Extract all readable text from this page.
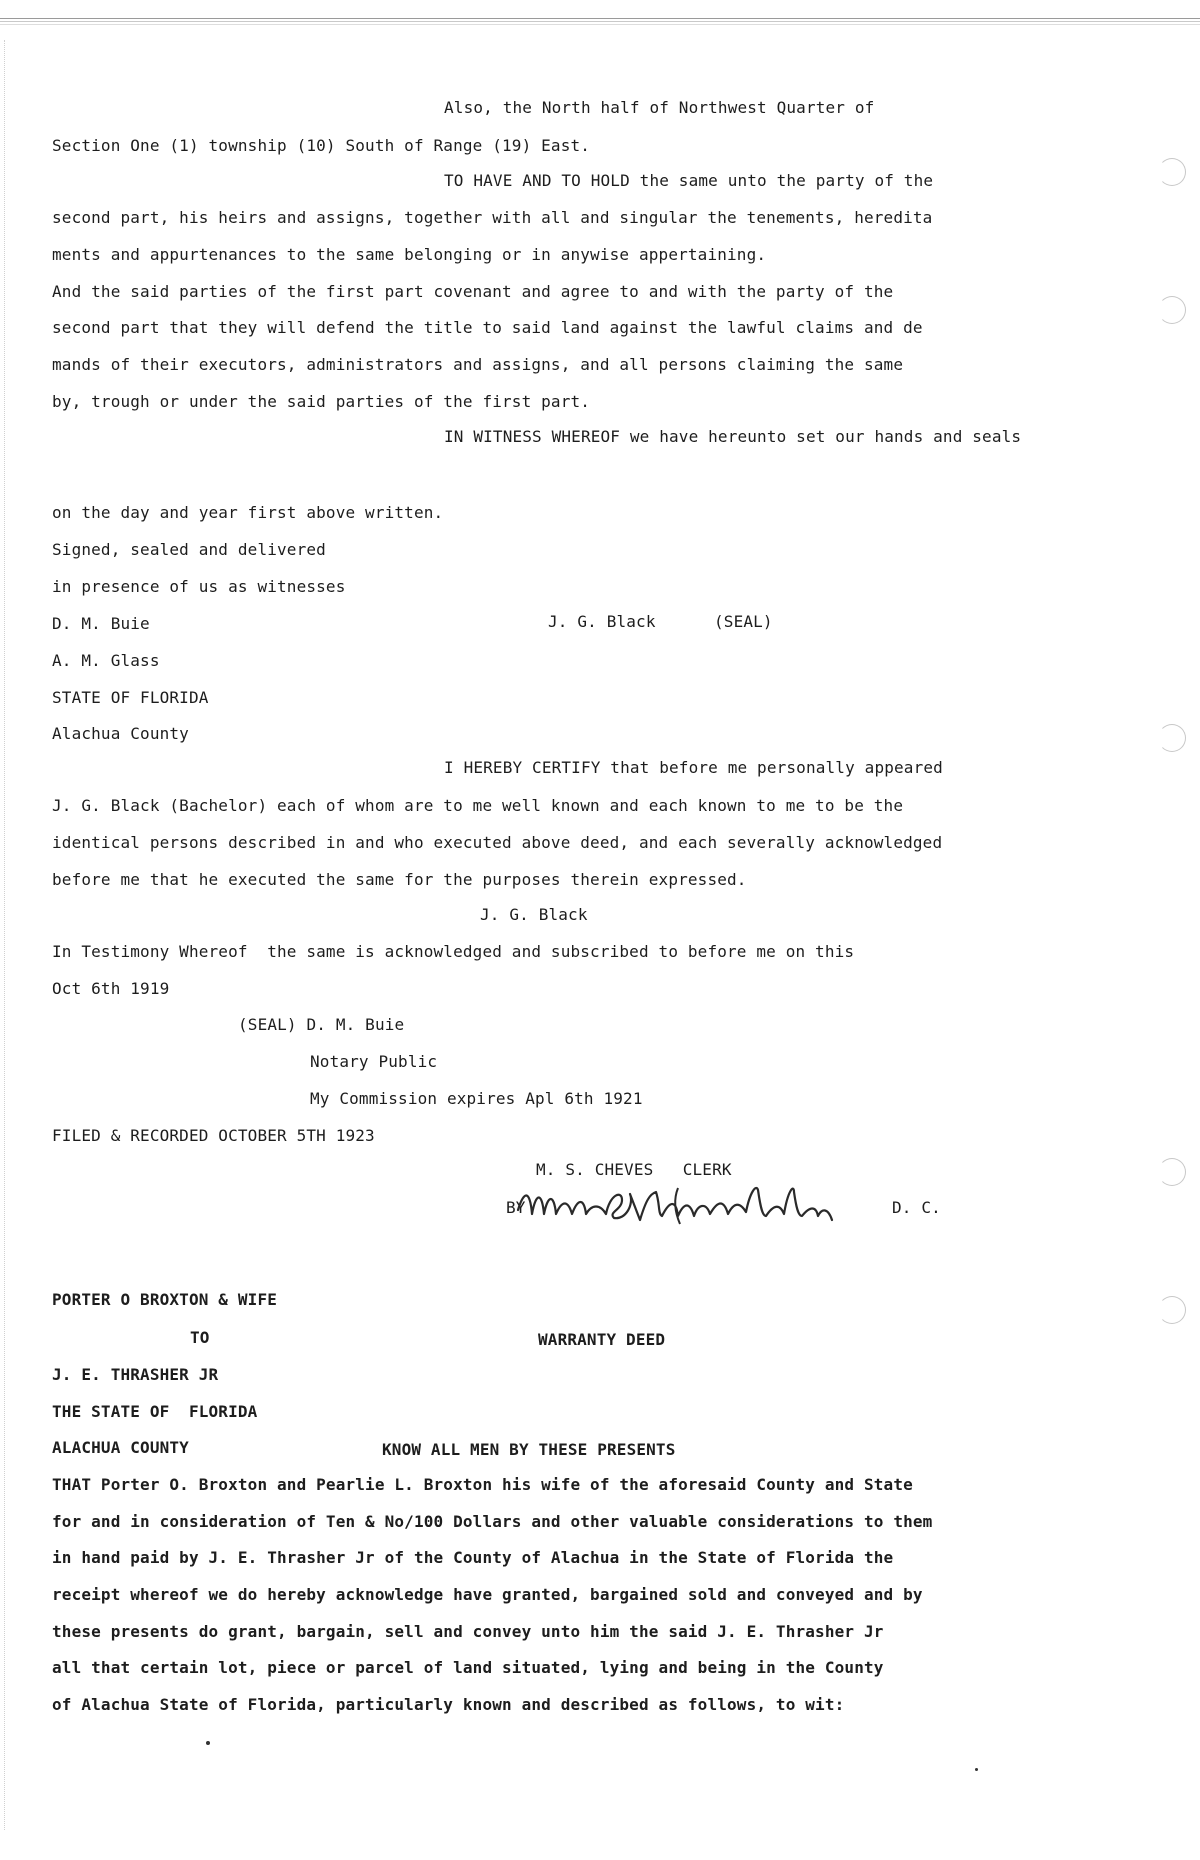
Also, the North half of Northwest Quarter of
Section One (1) township (10) South of Range (19) East.
TO HAVE AND TO HOLD the same unto the party of the
second part, his heirs and assigns, together with all and singular the tenements, heredita
ments and appurtenances to the same belonging or in anywise appertaining.
And the said parties of the first part covenant and agree to and with the party of the
second part that they will defend the title to said land against the lawful claims and de
mands of their executors, administrators and assigns, and all persons claiming the same
by, trough or under the said parties of the first part.
IN WITNESS WHEREOF we have hereunto set our hands and seals
on the day and year first above written.
Signed, sealed and delivered
in presence of us as witnesses
D. M. Buie	J. G. Black	(SEAL)
A. M. Glass
STATE OF FLORIDA
Alachua County
I HEREBY CERTIFY that before me personally appeared
J. G. Black (Bachelor) each of whom are to me well known and each known to me to be the
identical persons described in and who executed above deed, and each severally acknowledged
before me that he executed the same for the purposes therein expressed.
J. G. Black
In Testimony Whereof  the same is acknowledged and subscribed to before me on this
Oct 6th 1919
(SEAL) D. M. Buie
Notary Public
My Commission expires Apl 6th 1921
FILED & RECORDED OCTOBER 5TH 1923
M. S. CHEVES   CLERK
BY	D. C.
PORTER O BROXTON & WIFE
TO	WARRANTY DEED
J. E. THRASHER JR
THE STATE OF  FLORIDA
ALACHUA COUNTY	KNOW ALL MEN BY THESE PRESENTS
THAT Porter O. Broxton and Pearlie L. Broxton his wife of the aforesaid County and State
for and in consideration of Ten & No/100 Dollars and other valuable considerations to them
in hand paid by J. E. Thrasher Jr of the County of Alachua in the State of Florida the
receipt whereof we do hereby acknowledge have granted, bargained sold and conveyed and by
these presents do grant, bargain, sell and convey unto him the said J. E. Thrasher Jr
all that certain lot, piece or parcel of land situated, lying and being in the County
of Alachua State of Florida, particularly known and described as follows, to wit:
